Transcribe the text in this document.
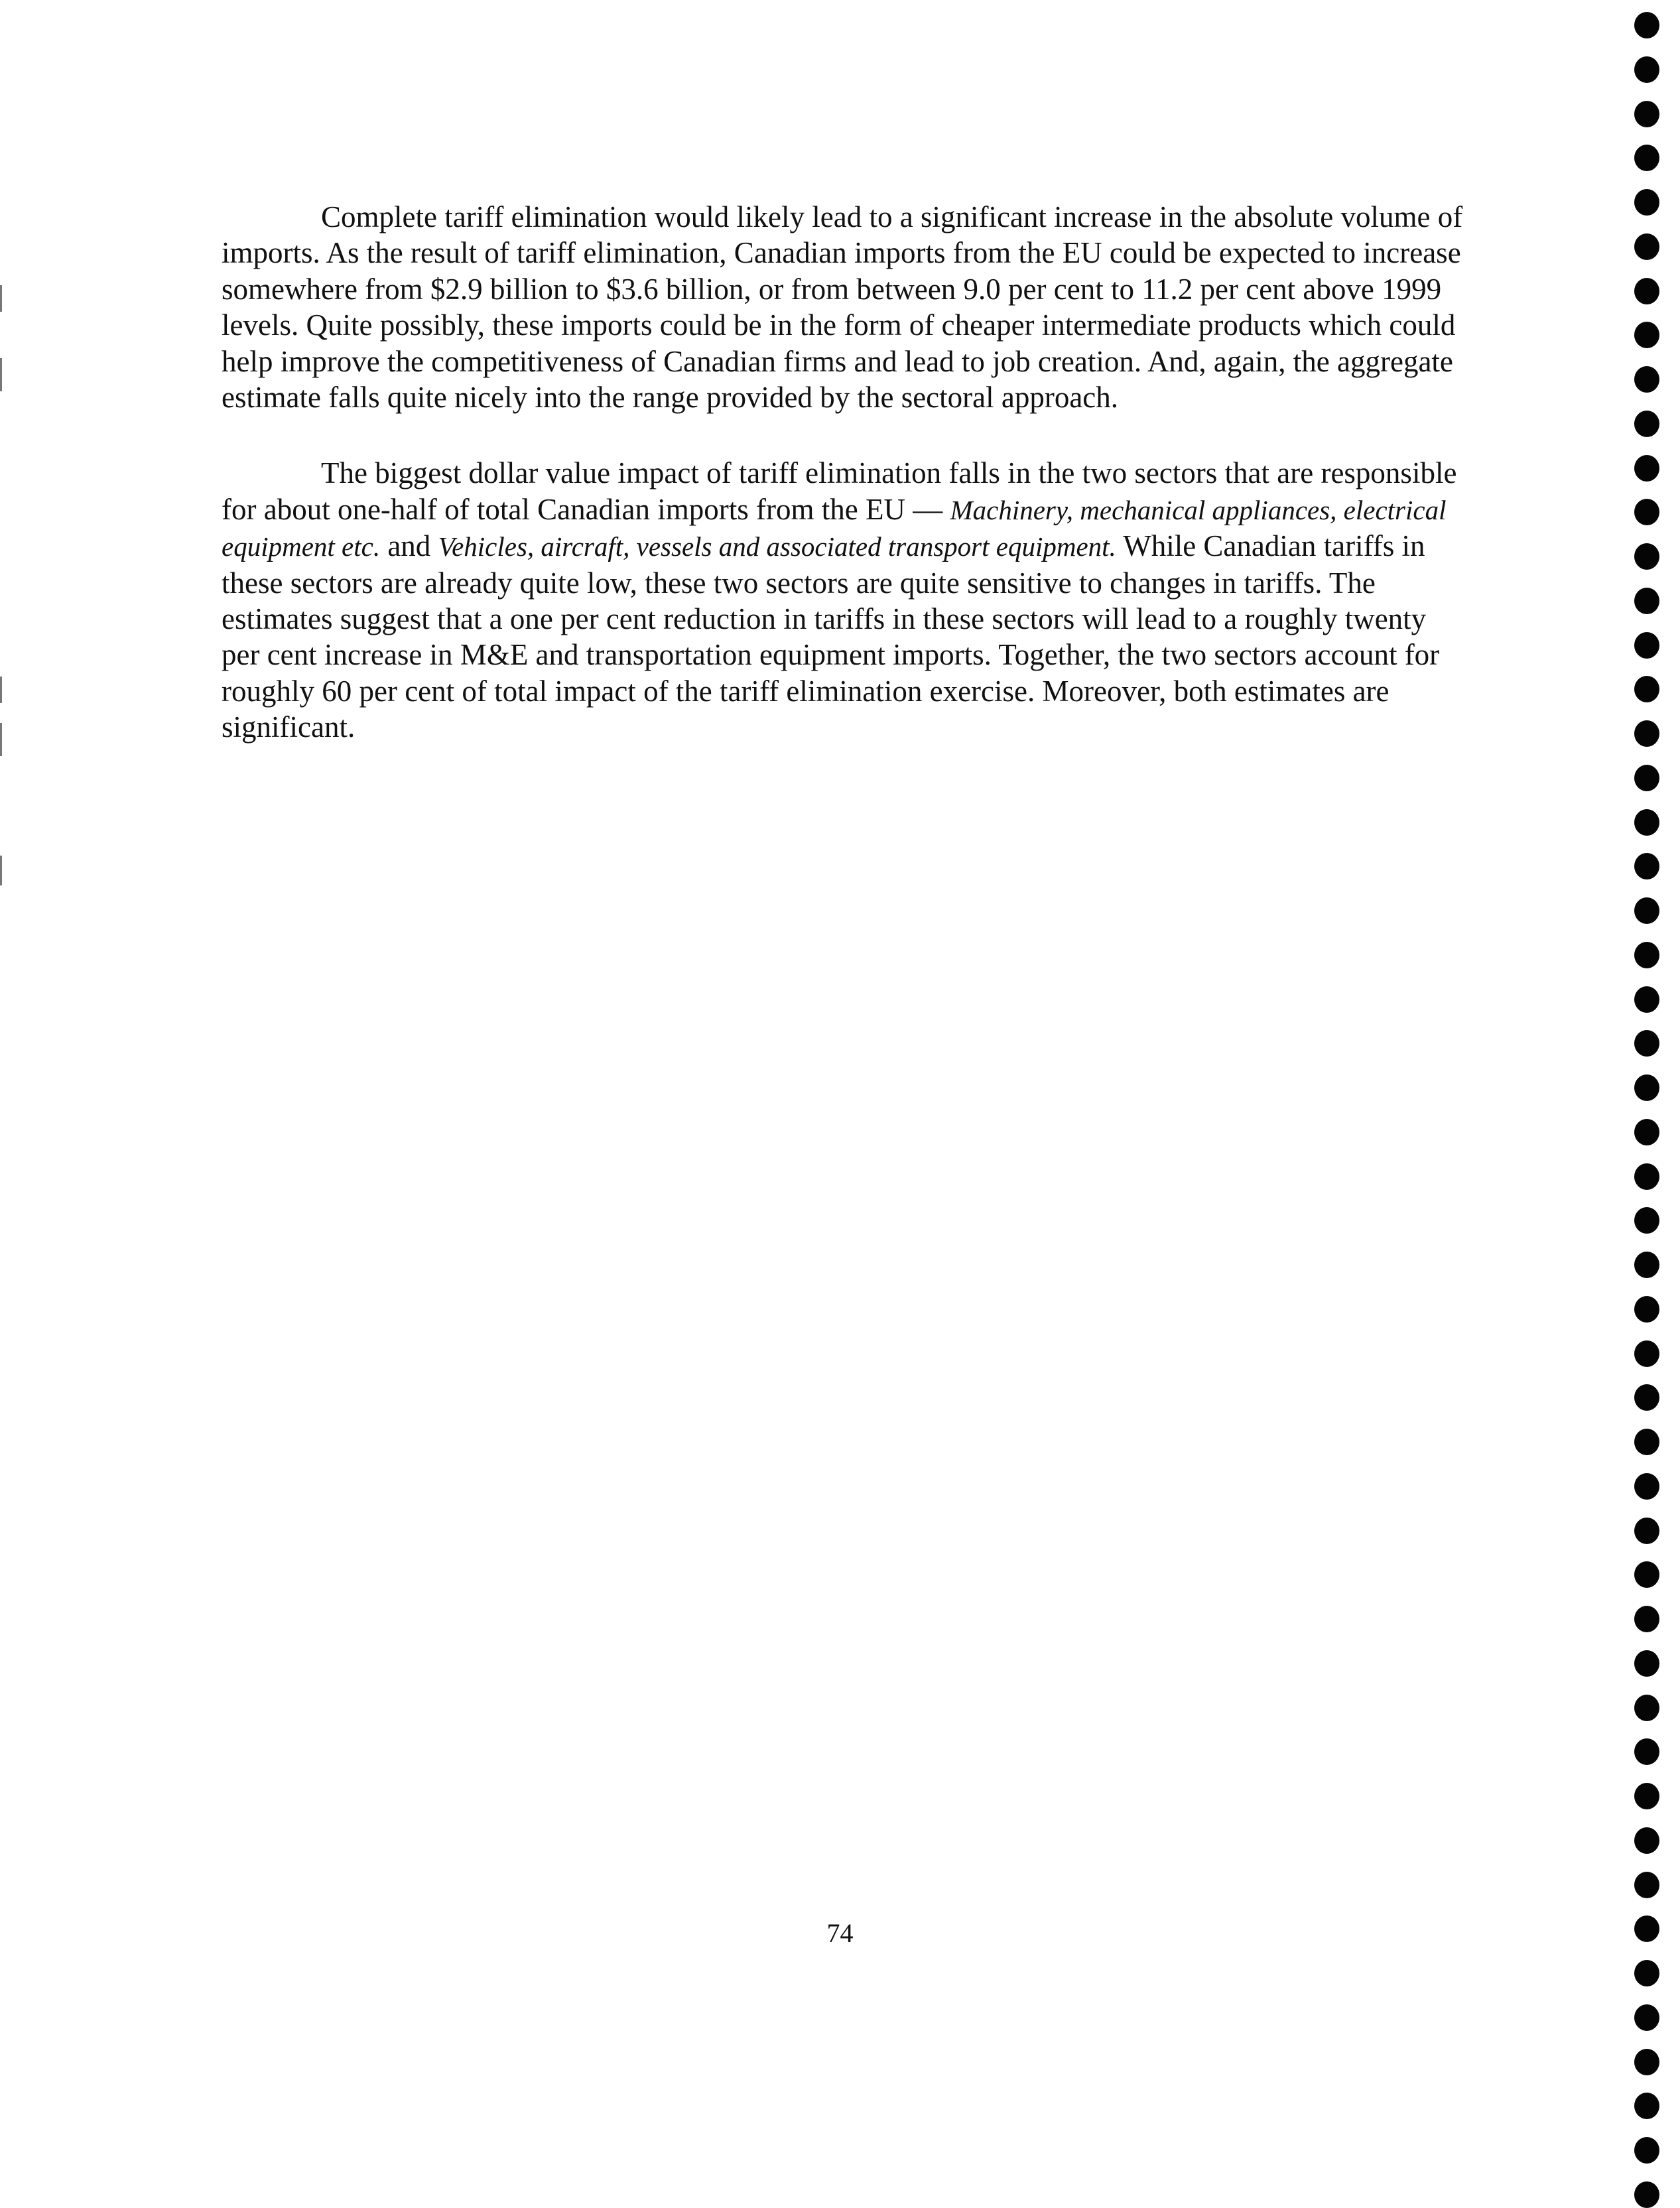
Complete tariff elimination would likely lead to a significant increase in the absolute volume of imports. As the result of tariff elimination, Canadian imports from the EU could be expected to increase somewhere from $2.9 billion to $3.6 billion, or from between 9.0 per cent to 11.2 per cent above 1999 levels. Quite possibly, these imports could be in the form of cheaper intermediate products which could help improve the competitiveness of Canadian firms and lead to job creation. And, again, the aggregate estimate falls quite nicely into the range provided by the sectoral approach.

The biggest dollar value impact of tariff elimination falls in the two sectors that are responsible for about one-half of total Canadian imports from the EU — Machinery, mechanical appliances, electrical equipment etc. and Vehicles, aircraft, vessels and associated transport equipment. While Canadian tariffs in these sectors are already quite low, these two sectors are quite sensitive to changes in tariffs. The estimates suggest that a one per cent reduction in tariffs in these sectors will lead to a roughly twenty per cent increase in M&E and transportation equipment imports. Together, the two sectors account for roughly 60 per cent of total impact of the tariff elimination exercise. Moreover, both estimates are significant.

74
